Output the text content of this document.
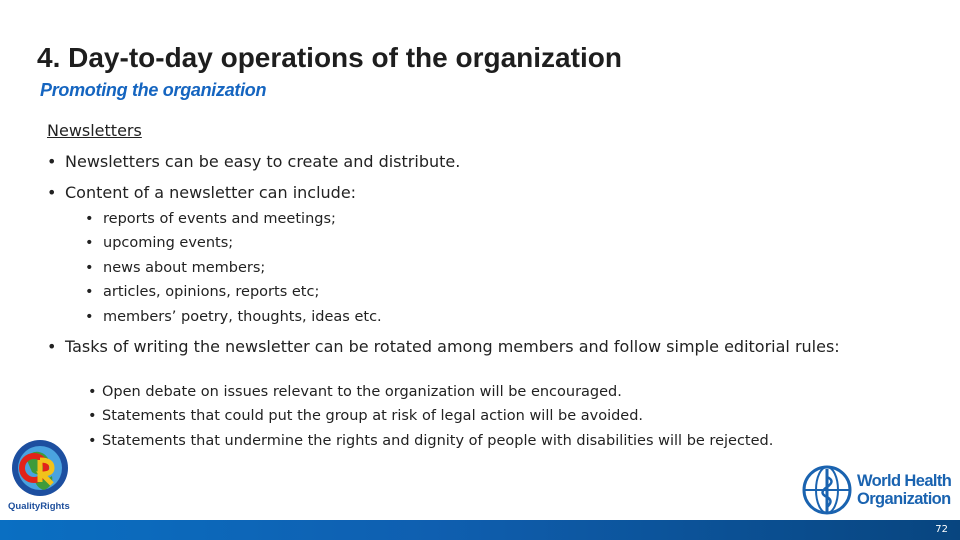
4. Day-to-day operations of the organization
Promoting the organization
Newsletters
• Newsletters can be easy to create and distribute.
• Content of a newsletter can include:
• Tasks of writing the newsletter can be rotated among members and follow simple editorial rules:
• reports of events and meetings;
• upcoming events;
• news about members;
• articles, opinions, reports etc;
• members’ poetry, thoughts, ideas etc.
• Open debate on issues relevant to the organization will be encouraged.
• Statements that could put the group at risk of legal action will be avoided.
• Statements that undermine the rights and dignity of people with disabilities will be rejected.
QualityRights
World Health
Organization
72
